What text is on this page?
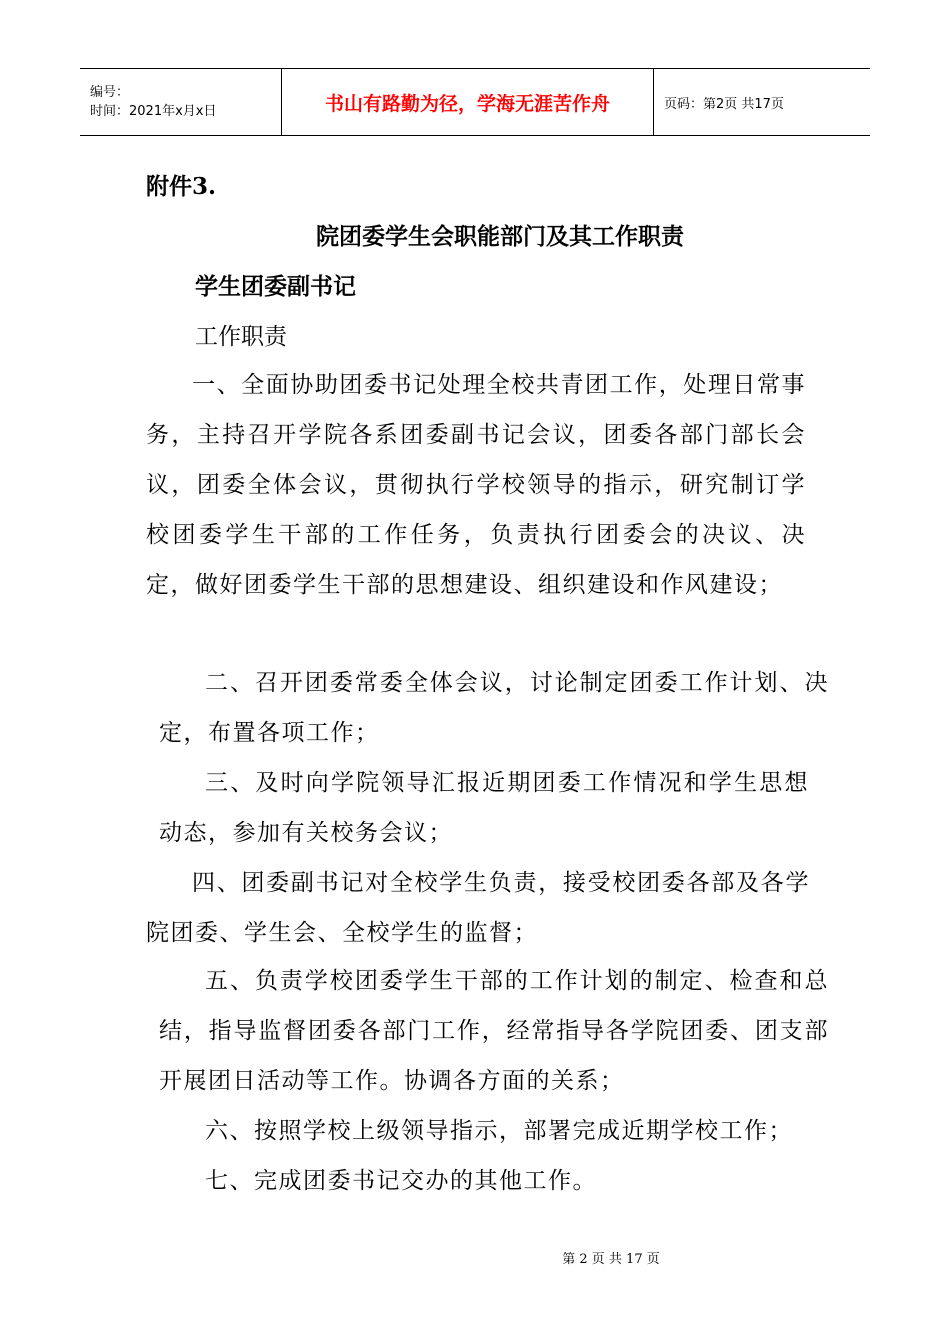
编号：
时间：2021年x月x日	书山有路勤为径，学海无涯苦作舟	页码：第2页 共17页
附件3.
院团委学生会职能部门及其工作职责
学生团委副书记
工作职责
一、全面协助团委书记处理全校共青团工作，处理日常事务，主持召开学院各系团委副书记会议，团委各部门部长会议，团委全体会议，贯彻执行学校领导的指示，研究制订学校团委学生干部的工作任务，负责执行团委会的决议、决定，做好团委学生干部的思想建设、组织建设和作风建设；
二、召开团委常委全体会议，讨论制定团委工作计划、决定，布置各项工作；
三、及时向学院领导汇报近期团委工作情况和学生思想动态，参加有关校务会议；
四、团委副书记对全校学生负责，接受校团委各部及各学院团委、学生会、全校学生的监督；
五、负责学校团委学生干部的工作计划的制定、检查和总结，指导监督团委各部门工作，经常指导各学院团委、团支部开展团日活动等工作。协调各方面的关系；
六、按照学校上级领导指示，部署完成近期学校工作；
七、完成团委书记交办的其他工作。
第 2 页 共 17 页
